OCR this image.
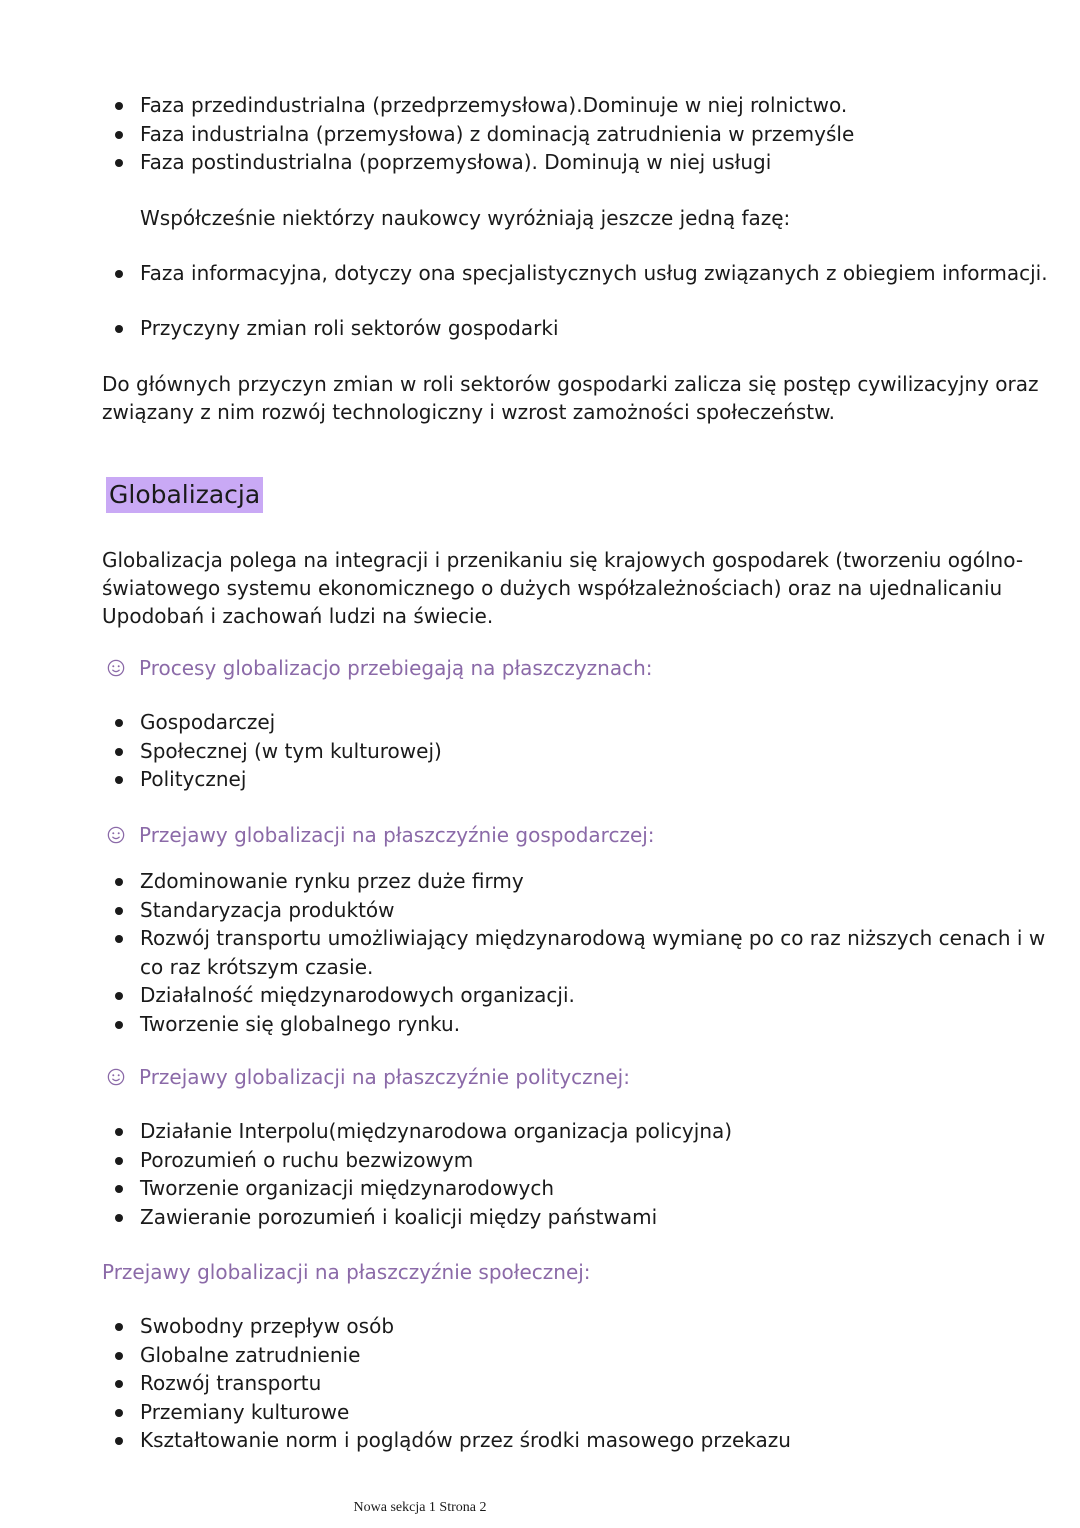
Faza przedindustrialna (przedprzemysłowa).Dominuje w niej rolnictwo.
Faza industrialna (przemysłowa) z dominacją zatrudnienia w przemyśle
Faza postindustrialna (poprzemysłowa). Dominują w niej usługi

Współcześnie niektórzy naukowcy wyróżniają jeszcze jedną fazę:

Faza informacyjna, dotyczy ona specjalistycznych usług związanych z obiegiem informacji.
Przyczyny zmian roli sektorów gospodarki

Do głównych przyczyn zmian w roli sektorów gospodarki zalicza się postęp cywilizacyjny oraz związany z nim rozwój technologiczny i wzrost zamożności społeczeństw.

Globalizacja
Globalizacja polega na integracji i przenikaniu się krajowych gospodarek (tworzeniu ogólno-
światowego systemu ekonomicznego o dużych współzależnościach) oraz na ujednalicaniu
Upodobań i zachowań ludzi na świecie.
Procesy globalizacjo przebiegają na płaszczyznach:
Gospodarczej
Społecznej (w tym kulturowej)
Politycznej
Przejawy globalizacji na płaszczyźnie gospodarczej:
Zdominowanie rynku przez duże firmy
Standaryzacja produktów
Rozwój transportu umożliwiający międzynarodową wymianę po co raz niższych cenach i w co raz krótszym czasie.
Działalność międzynarodowych organizacji.
Tworzenie się globalnego rynku.
Przejawy globalizacji na płaszczyźnie politycznej:
Działanie Interpolu(międzynarodowa organizacja policyjna)
Porozumień o ruchu bezwizowym
Tworzenie organizacji międzynarodowych
Zawieranie porozumień i koalicji między państwami

Przejawy globalizacji na płaszczyźnie społecznej:

Swobodny przepływ osób
Globalne zatrudnienie
Rozwój transportu
Przemiany kulturowe
Kształtowanie norm i poglądów przez środki masowego przekazu
Nowa sekcja 1 Strona 2
